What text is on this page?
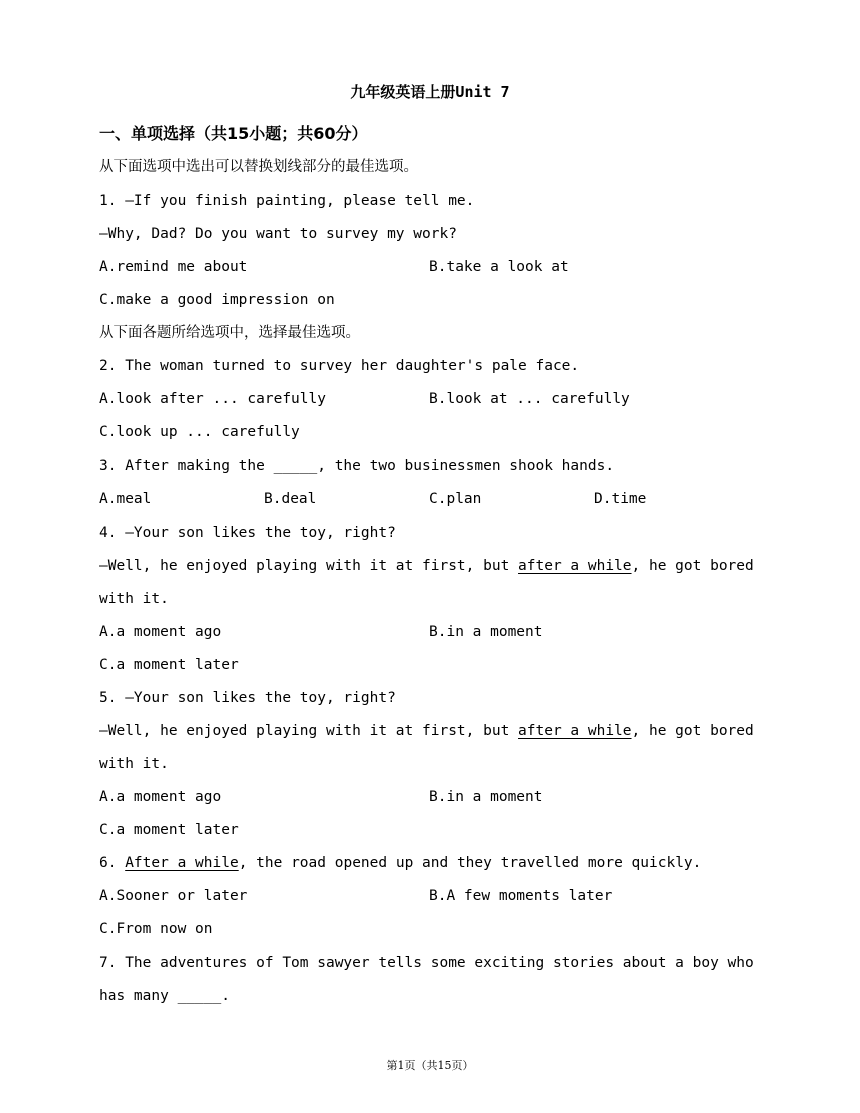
九年级英语上册Unit 7
一、单项选择（共15小题；共60分）
从下面选项中选出可以替换划线部分的最佳选项。
1. —If you finish painting, please tell me.
—Why, Dad? Do you want to survey my work?
A.remind me about	B.take a look at
C.make a good impression on
从下面各题所给选项中，选择最佳选项。
2. The woman turned to survey her daughter's pale face.
A.look after ... carefully	B.look at ... carefully
C.look up ... carefully
3. After making the _____, the two businessmen shook hands.
A.meal	B.deal	C.plan	D.time
4. —Your son likes the toy, right?
—Well, he enjoyed playing with it at first, but after a while, he got bored
with it.
A.a moment ago	B.in a moment
C.a moment later
5. —Your son likes the toy, right?
—Well, he enjoyed playing with it at first, but after a while, he got bored
with it.
A.a moment ago	B.in a moment
C.a moment later
6. After a while, the road opened up and they travelled more quickly.
A.Sooner or later	B.A few moments later
C.From now on
7. The adventures of Tom sawyer tells some exciting stories about a boy who
has many _____.
第1页（共15页）
